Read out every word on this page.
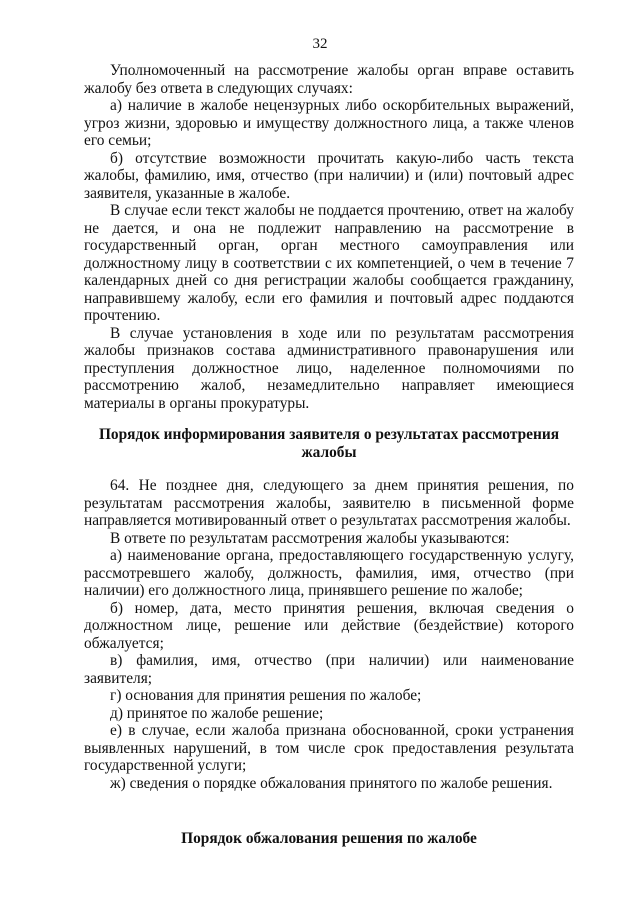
32

Уполномоченный на рассмотрение жалобы орган вправе оставить жалобу без ответа в следующих случаях:

а) наличие в жалобе нецензурных либо оскорбительных выражений, угроз жизни, здоровью и имуществу должностного лица, а также членов его семьи;

б) отсутствие возможности прочитать какую-либо часть текста жалобы, фамилию, имя, отчество (при наличии) и (или) почтовый адрес заявителя, указанные в жалобе.

В случае если текст жалобы не поддается прочтению, ответ на жалобу не дается, и она не подлежит направлению на рассмотрение в государственный орган, орган местного самоуправления или должностному лицу в соответствии с их компетенцией, о чем в течение 7 календарных дней со дня регистрации жалобы сообщается гражданину, направившему жалобу, если его фамилия и почтовый адрес поддаются прочтению.

В случае установления в ходе или по результатам рассмотрения жалобы признаков состава административного правонарушения или преступления должностное лицо, наделенное полномочиями по рассмотрению жалоб, незамедлительно направляет имеющиеся материалы в органы прокуратуры.

Порядок информирования заявителя о результатах рассмотрения жалобы

64. Не позднее дня, следующего за днем принятия решения, по результатам рассмотрения жалобы, заявителю в письменной форме направляется мотивированный ответ о результатах рассмотрения жалобы.

В ответе по результатам рассмотрения жалобы указываются:

а) наименование органа, предоставляющего государственную услугу, рассмотревшего жалобу, должность, фамилия, имя, отчество (при наличии) его должностного лица, принявшего решение по жалобе;

б) номер, дата, место принятия решения, включая сведения о должностном лице, решение или действие (бездействие) которого обжалуется;

в) фамилия, имя, отчество (при наличии) или наименование заявителя;

г) основания для принятия решения по жалобе;

д) принятое по жалобе решение;

е) в случае, если жалоба признана обоснованной, сроки устранения выявленных нарушений, в том числе срок предоставления результата государственной услуги;

ж) сведения о порядке обжалования принятого по жалобе решения.

Порядок обжалования решения по жалобе
